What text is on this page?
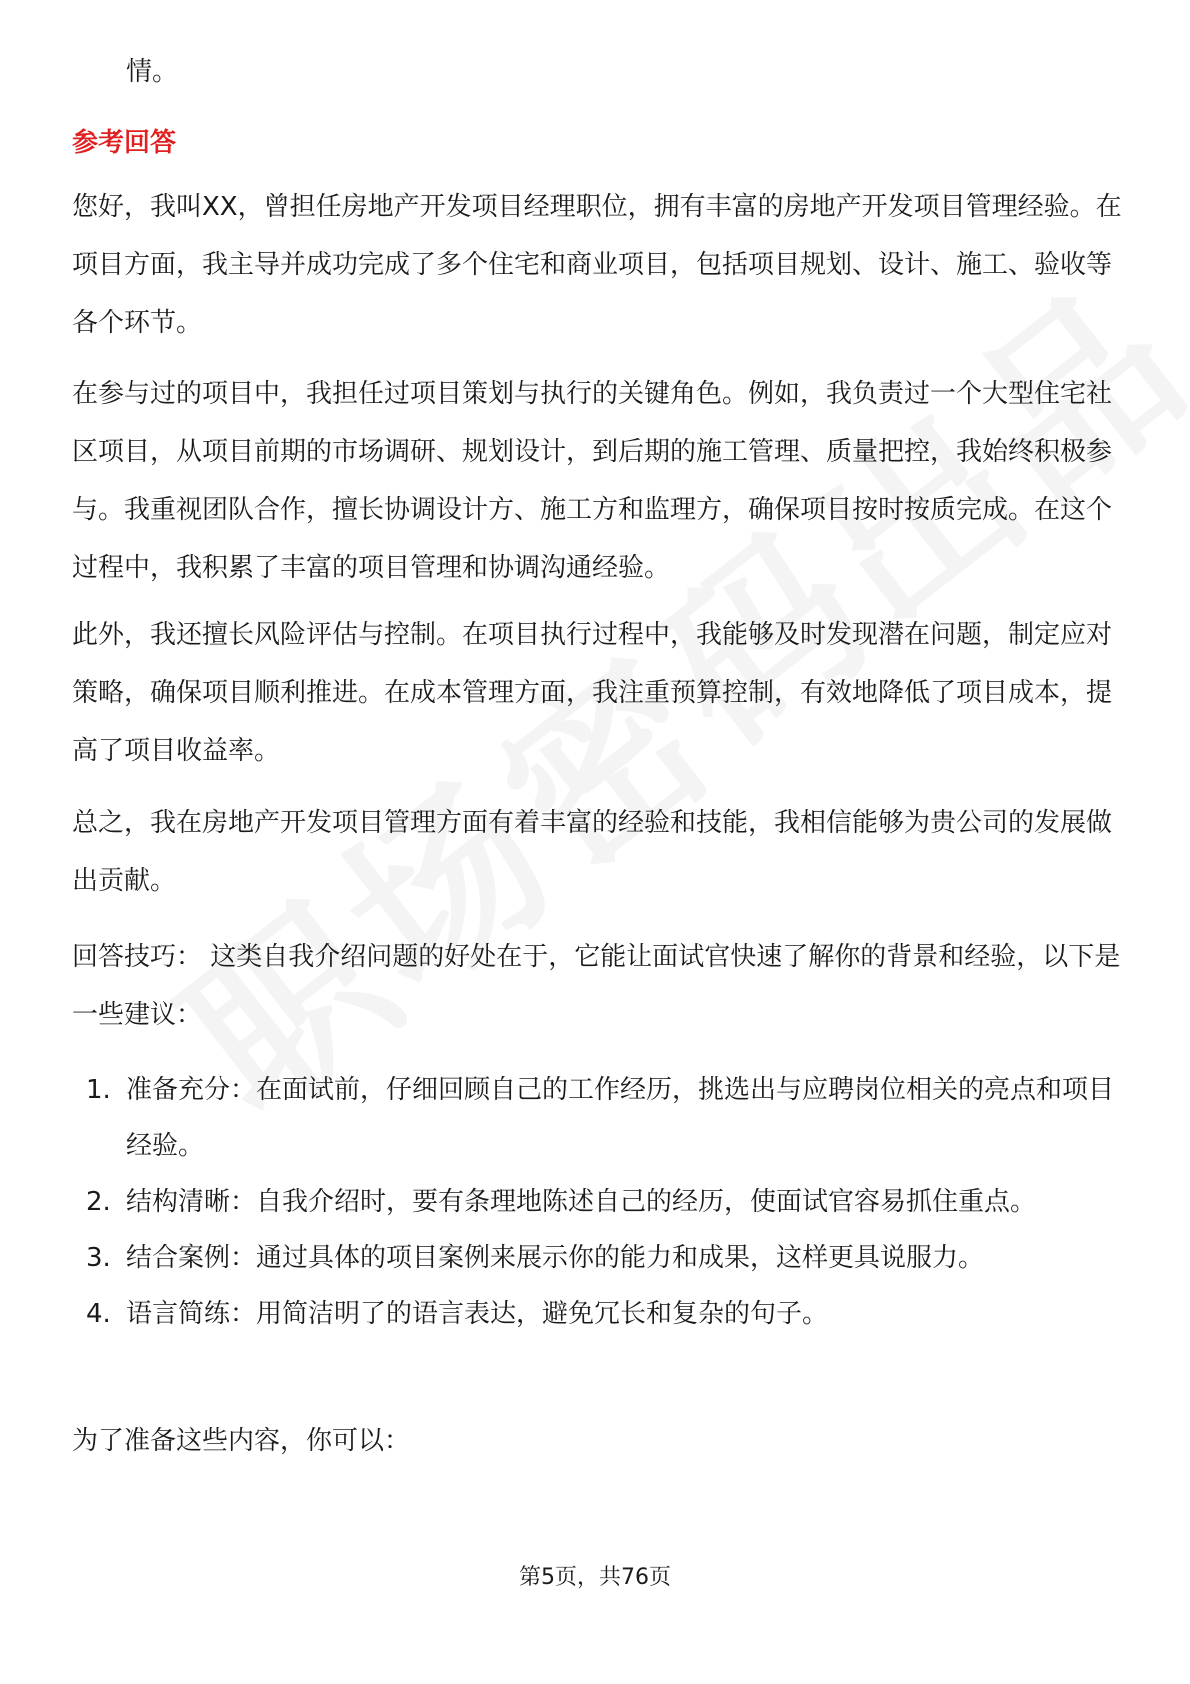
情。
参考回答

您好，我叫XX，曾担任房地产开发项目经理职位，拥有丰富的房地产开发项目管理经验。在项目方面，我主导并成功完成了多个住宅和商业项目，包括项目规划、设计、施工、验收等各个环节。

在参与过的项目中，我担任过项目策划与执行的关键角色。例如，我负责过一个大型住宅社区项目，从项目前期的市场调研、规划设计，到后期的施工管理、质量把控，我始终积极参与。我重视团队合作，擅长协调设计方、施工方和监理方，确保项目按时按质完成。在这个过程中，我积累了丰富的项目管理和协调沟通经验。

此外，我还擅长风险评估与控制。在项目执行过程中，我能够及时发现潜在问题，制定应对策略，确保项目顺利推进。在成本管理方面，我注重预算控制，有效地降低了项目成本，提高了项目收益率。

总之，我在房地产开发项目管理方面有着丰富的经验和技能，我相信能够为贵公司的发展做出贡献。

回答技巧： 这类自我介绍问题的好处在于，它能让面试官快速了解你的背景和经验，以下是一些建议：

1. 准备充分：在面试前，仔细回顾自己的工作经历，挑选出与应聘岗位相关的亮点和项目经验。
2. 结构清晰：自我介绍时，要有条理地陈述自己的经历，使面试官容易抓住重点。
3. 结合案例：通过具体的项目案例来展示你的能力和成果，这样更具说服力。
4. 语言简练：用简洁明了的语言表达，避免冗长和复杂的句子。

为了准备这些内容，你可以：

第5页，共76页
